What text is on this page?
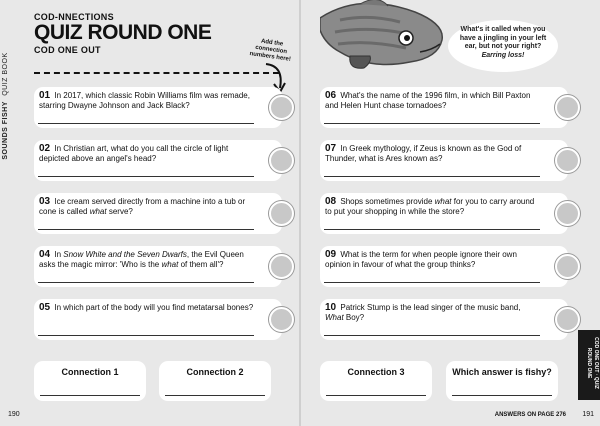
SOUNDS FISHY QUIZ BOOK
COD ONE OUT · QUIZ ROUND ONE
COD-NNECTIONS
QUIZ ROUND ONE
COD ONE OUT
Add the connection numbers here!
What's it called when you have a jingling in your left ear, but not your right? Earring loss!
01 In 2017, which classic Robin Williams film was remade, starring Dwayne Johnson and Jack Black?
02 In Christian art, what do you call the circle of light depicted above an angel's head?
03 Ice cream served directly from a machine into a tub or cone is called what serve?
04 In Snow White and the Seven Dwarfs, the Evil Queen asks the magic mirror: 'Who is the what of them all'?
05 In which part of the body will you find metatarsal bones?
06 What's the name of the 1996 film, in which Bill Paxton and Helen Hunt chase tornadoes?
07 In Greek mythology, if Zeus is known as the God of Thunder, what is Ares known as?
08 Shops sometimes provide what for you to carry around to put your shopping in while the store?
09 What is the term for when people ignore their own opinion in favour of what the group thinks?
10 Patrick Stump is the lead singer of the music band, What Boy?
Connection 1	Connection 2	Connection 3	Which answer is fishy?
190	ANSWERS ON PAGE 276 191
